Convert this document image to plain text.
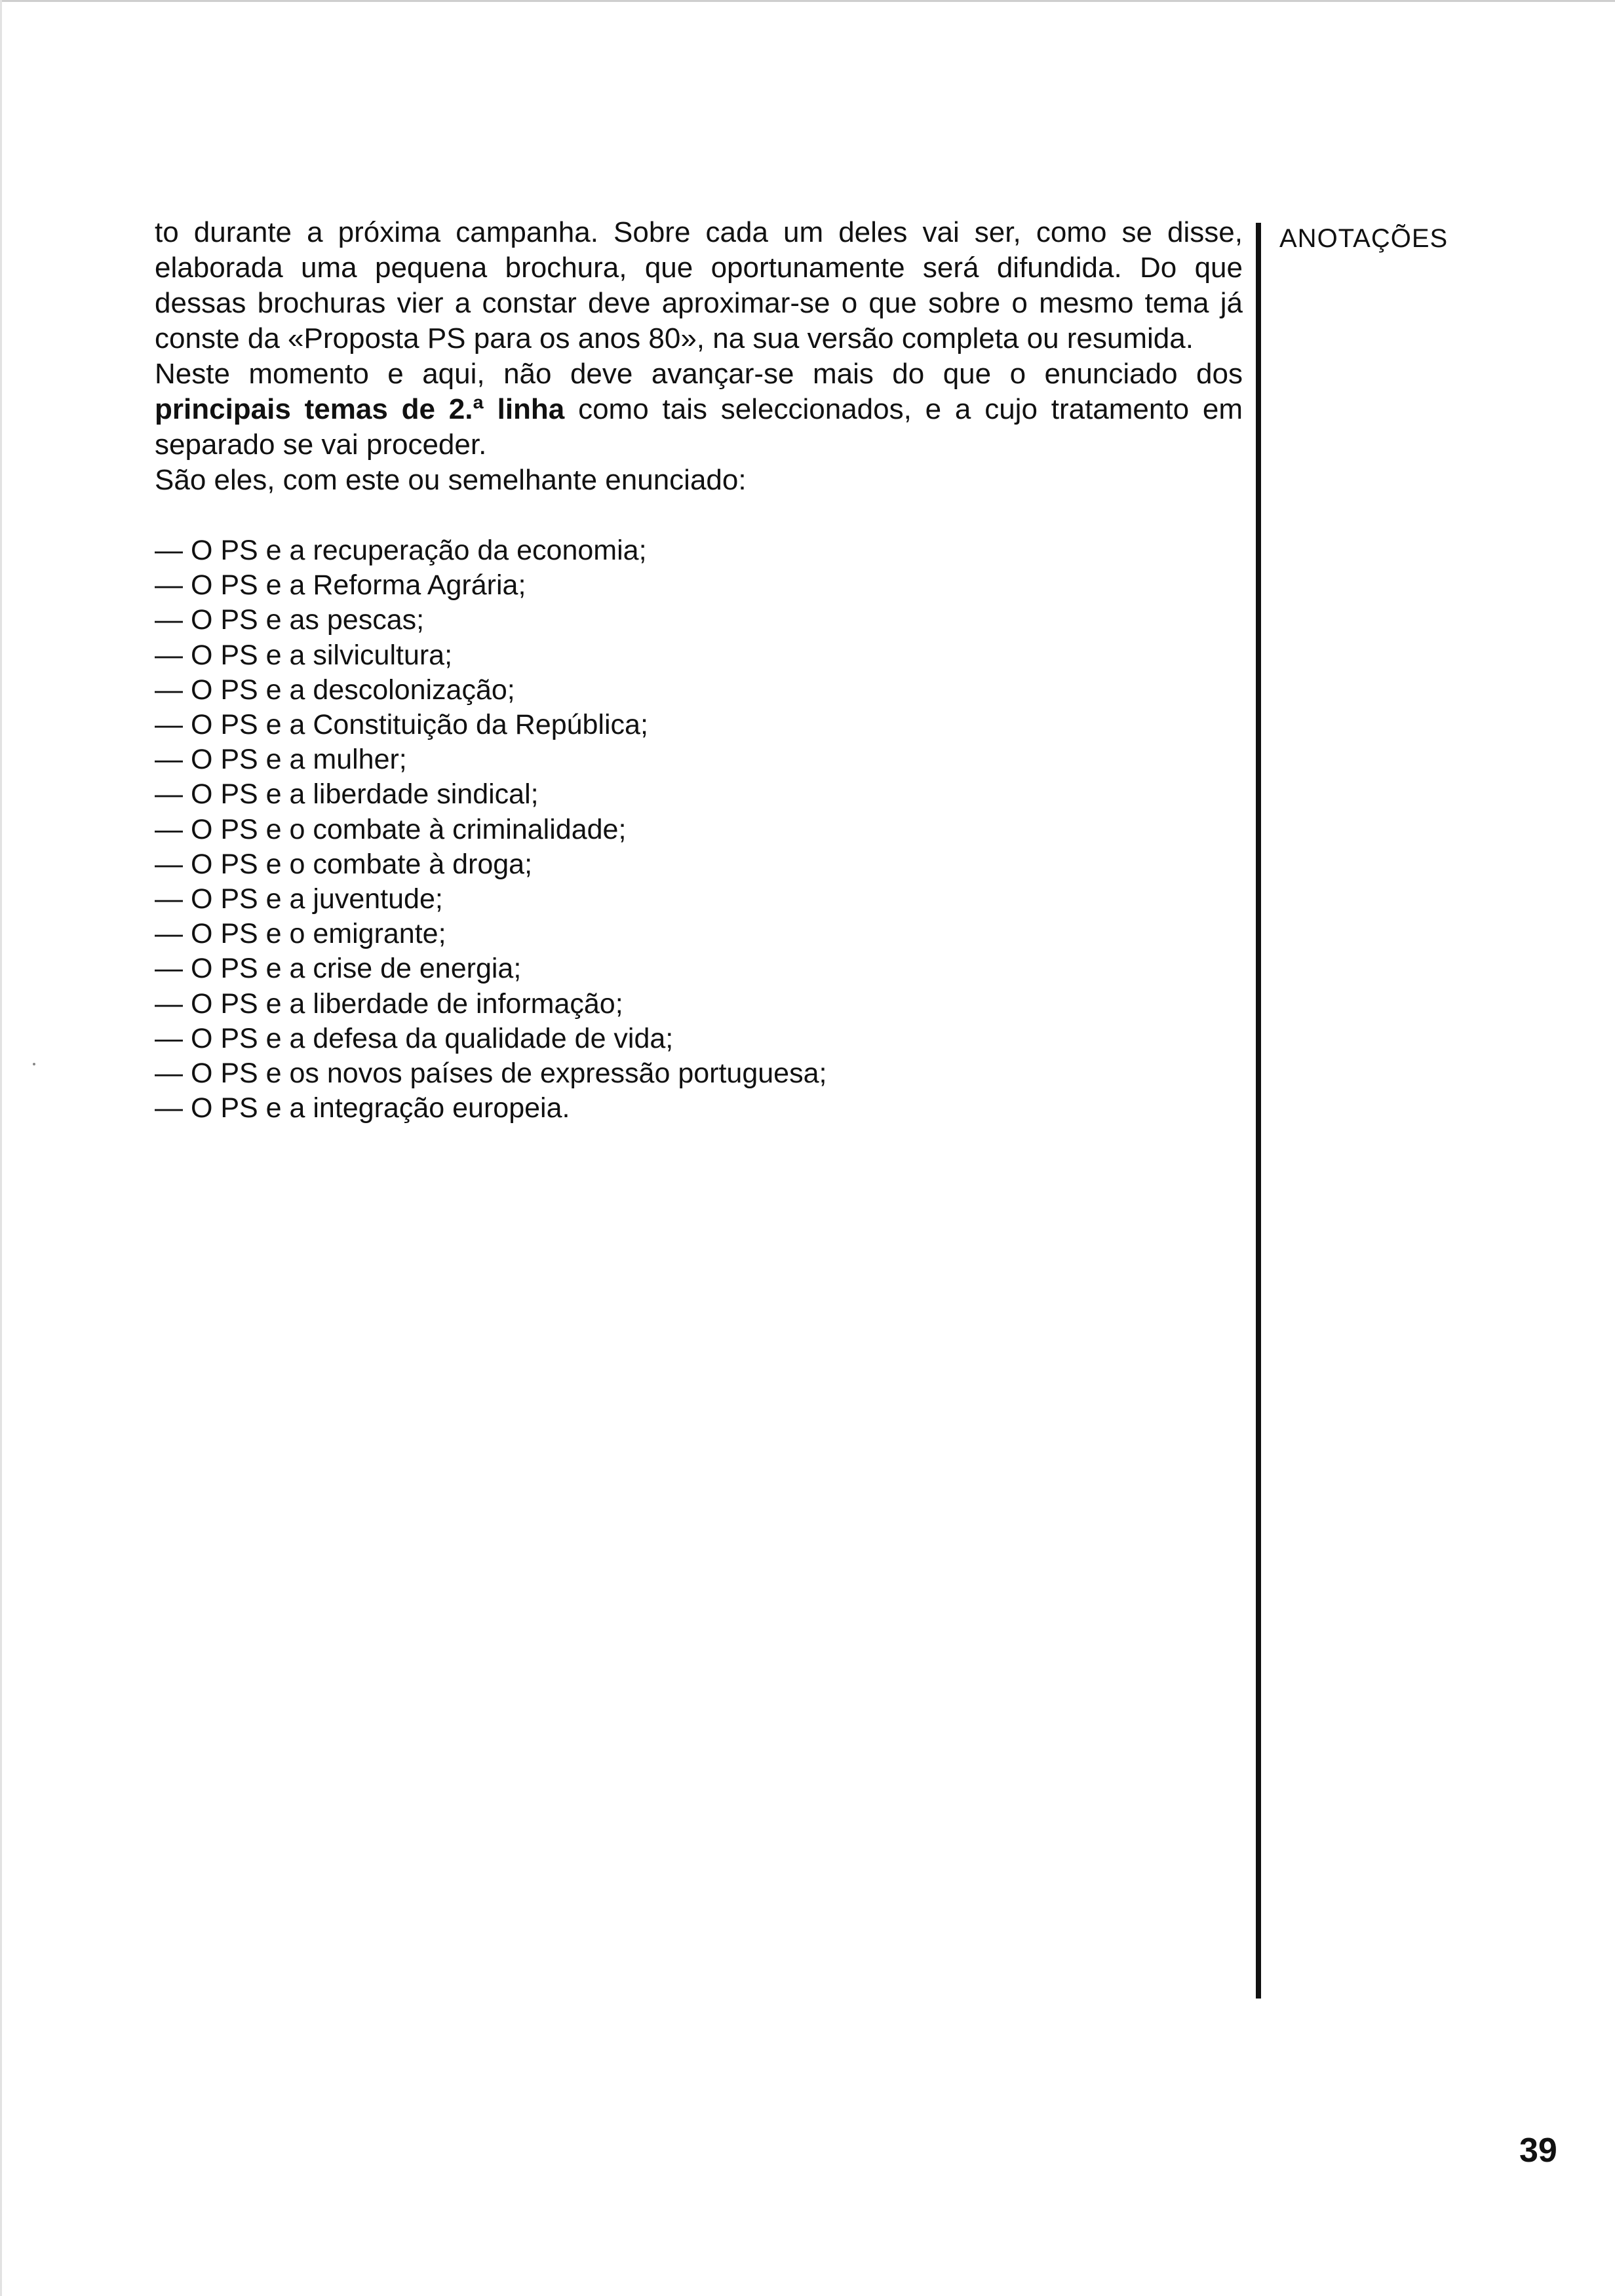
to durante a próxima campanha. Sobre cada um deles vai ser, como se disse, elaborada uma pequena brochura, que oportunamente será difundida. Do que dessas brochuras vier a constar deve aproximar-se o que sobre o mesmo tema já conste da «Proposta PS para os anos 80», na sua versão completa ou resumida.

Neste momento e aqui, não deve avançar-se mais do que o enunciado dos principais temas de 2.ª linha como tais seleccionados, e a cujo tratamento em separado se vai proceder.

São eles, com este ou semelhante enunciado:

— O PS e a recuperação da economia;
— O PS e a Reforma Agrária;
— O PS e as pescas;
— O PS e a silvicultura;
— O PS e a descolonização;
— O PS e a Constituição da República;
— O PS e a mulher;
— O PS e a liberdade sindical;
— O PS e o combate à criminalidade;
— O PS e o combate à droga;
— O PS e a juventude;
— O PS e o emigrante;
— O PS e a crise de energia;
— O PS e a liberdade de informação;
— O PS e a defesa da qualidade de vida;
— O PS e os novos países de expressão portuguesa;
— O PS e a integração europeia.
ANOTAÇÕES
39
